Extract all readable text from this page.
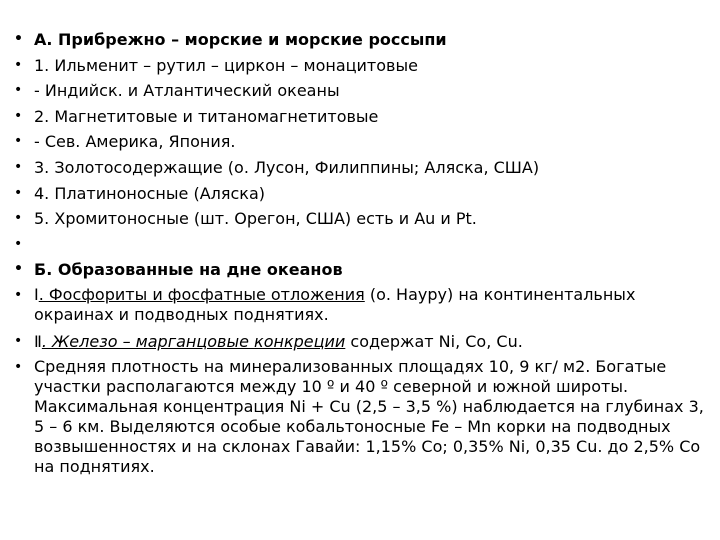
• А. Прибрежно – морские и морские россыпи
• 1. Ильменит – рутил – циркон – монацитовые
• - Индийск. и Атлантический океаны
• 2. Магнетитовые и титаномагнетитовые
• - Сев. Америка, Япония.
• 3. Золотосодержащие (о. Лусон, Филиппины; Аляска, США)
• 4. Платиноносные (Аляска)
• 5. Хромитоносные (шт. Орегон, США) есть и Au и Pt.
•
• Б. Образованные на дне океанов
• Ⅰ. Фосфориты и фосфатные отложения (о. Науру) на континентальных окраинах и подводных поднятиях.
• Ⅱ. Железо – марганцовые конкреции содержат Ni, Co, Cu.
• Средняя плотность на минерализованных площадях 10, 9 кг/ м2. Богатые участки располагаются между 10 º и 40 º северной и южной широты. Максимальная концентрация Ni + Cu (2,5 – 3,5 %) наблюдается на глубинах 3, 5 – 6 км. Выделяются особые кобальтоносные Fe – Mn корки на подводных возвышенностях и на склонах Гавайи: 1,15% Co; 0,35% Ni, 0,35 Cu. до 2,5% Co на поднятиях.
